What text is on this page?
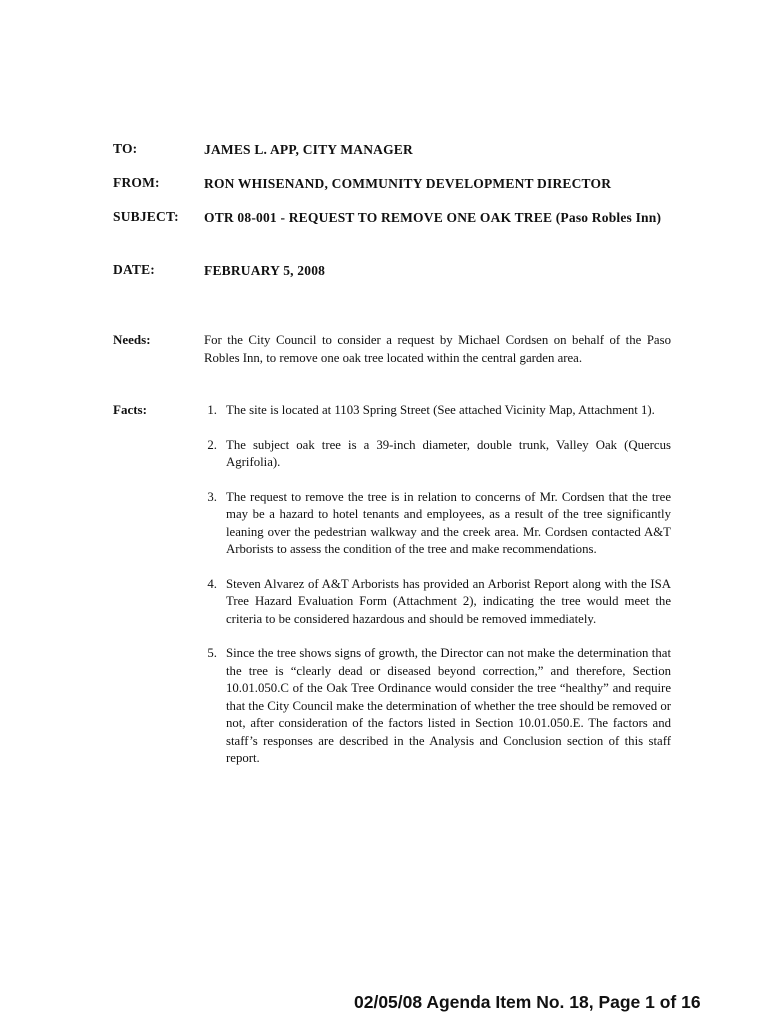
TO:	JAMES L. APP, CITY MANAGER
FROM:	RON WHISENAND, COMMUNITY DEVELOPMENT DIRECTOR
SUBJECT: OTR 08-001 - REQUEST TO REMOVE ONE OAK TREE (Paso Robles Inn)
DATE:	FEBRUARY 5, 2008
Needs:	For the City Council to consider a request by Michael Cordsen on behalf of the Paso Robles Inn, to remove one oak tree located within the central garden area.
Facts:	1. The site is located at 1103 Spring Street (See attached Vicinity Map, Attachment 1).
2. The subject oak tree is a 39-inch diameter, double trunk, Valley Oak (Quercus Agrifolia).
3. The request to remove the tree is in relation to concerns of Mr. Cordsen that the tree may be a hazard to hotel tenants and employees, as a result of the tree significantly leaning over the pedestrian walkway and the creek area. Mr. Cordsen contacted A&T Arborists to assess the condition of the tree and make recommendations.
4. Steven Alvarez of A&T Arborists has provided an Arborist Report along with the ISA Tree Hazard Evaluation Form (Attachment 2), indicating the tree would meet the criteria to be considered hazardous and should be removed immediately.
5. Since the tree shows signs of growth, the Director can not make the determination that the tree is “clearly dead or diseased beyond correction,” and therefore, Section 10.01.050.C of the Oak Tree Ordinance would consider the tree “healthy” and require that the City Council make the determination of whether the tree should be removed or not, after consideration of the factors listed in Section 10.01.050.E. The factors and staff’s responses are described in the Analysis and Conclusion section of this staff report.
02/05/08 Agenda Item No. 18, Page 1 of 16
